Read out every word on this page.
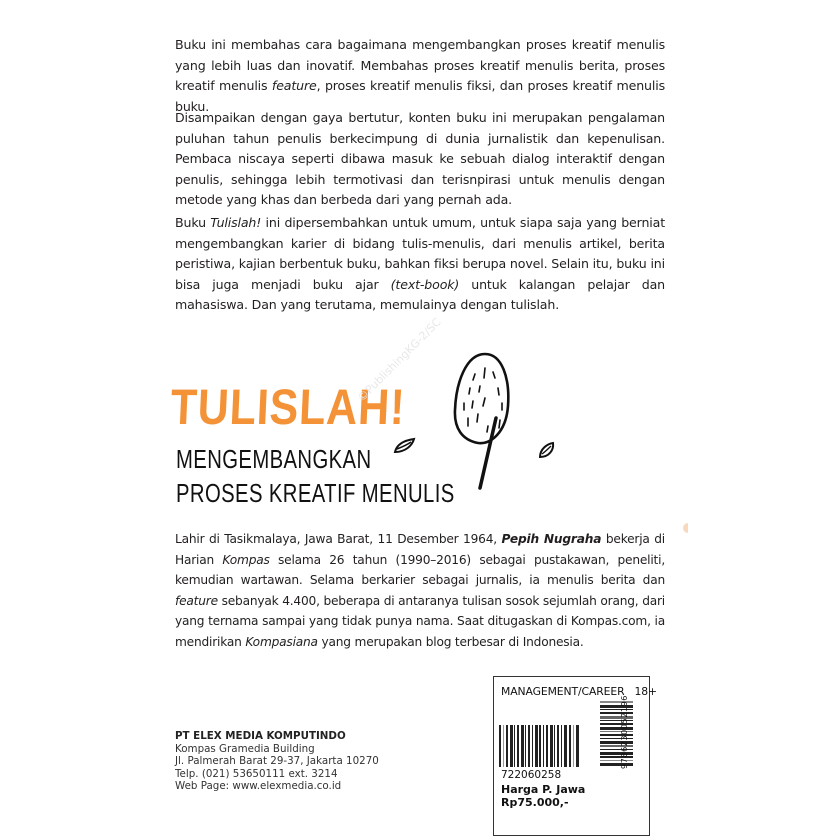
Buku ini membahas cara bagaimana mengembangkan proses kreatif menulis yang lebih luas dan inovatif. Membahas proses kreatif menulis berita, proses kreatif menulis feature, proses kreatif menulis fiksi, dan proses kreatif menulis buku.

Disampaikan dengan gaya bertutur, konten buku ini merupakan pengalaman puluhan tahun penulis berkecimpung di dunia jurnalistik dan kepenulisan. Pembaca niscaya seperti dibawa masuk ke sebuah dialog interaktif dengan penulis, sehingga lebih termotivasi dan terisnpirasi untuk menulis dengan metode yang khas dan berbeda dari yang pernah ada.

Buku Tulislah! ini dipersembahkan untuk umum, untuk siapa saja yang berniat mengembangkan karier di bidang tulis-menulis, dari menulis artikel, berita peristiwa, kajian berbentuk buku, bahkan fiksi berupa novel. Selain itu, buku ini bisa juga menjadi buku ajar (text-book) untuk kalangan pelajar dan mahasiswa. Dan yang terutama, memulainya dengan tulislah.

TULISLAH!
MENGEMBANGKAN
PROSES KREATIF MENULIS
©PublishingKG-2/SC
Lahir di Tasikmalaya, Jawa Barat, 11 Desember 1964, Pepih Nugraha bekerja di Harian Kompas selama 26 tahun (1990–2016) sebagai pustakawan, peneliti, kemudian wartawan. Selama berkarier sebagai jurnalis, ia menulis berita dan feature sebanyak 4.400, beberapa di antaranya tulisan sosok sejumlah orang, dari yang ternama sampai yang tidak punya nama. Saat ditugaskan di Kompas.com, ia mendirikan Kompasiana yang merupakan blog terbesar di Indonesia.
PT ELEX MEDIA KOMPUTINDO
Kompas Gramedia Building
Jl. Palmerah Barat 29-37, Jakarta 10270
Telp. (021) 53650111 ext. 3214
Web Page: www.elexmedia.co.id
MANAGEMENT/CAREER 18+
722060258
Harga P. Jawa Rp75.000,-
9786230052196
